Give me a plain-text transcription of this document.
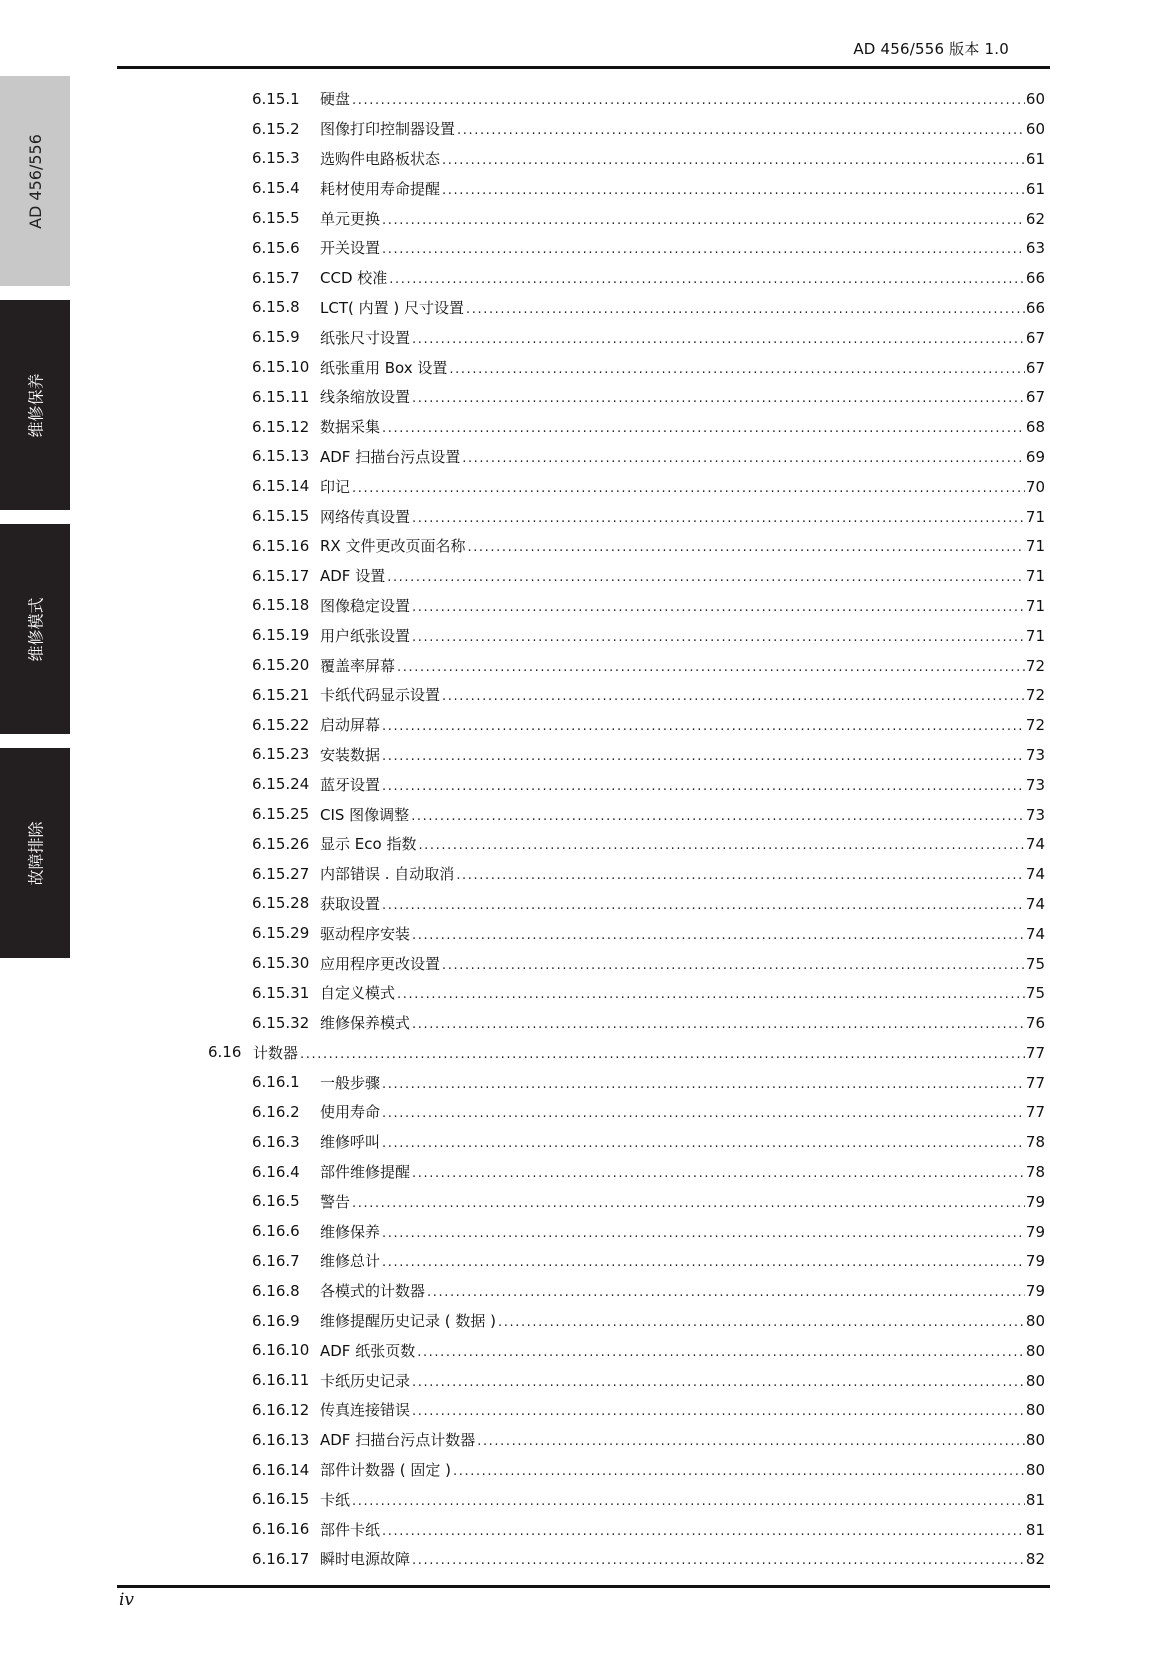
AD 456/556 版本 1.0
AD 456/556
维修保养
维修模式
故障排除
6.15.1 硬盘 .....	60
6.15.2 图像打印控制器设置 .....	60
6.15.3 选购件电路板状态 .....	61
6.15.4 耗材使用寿命提醒 .....	61
6.15.5 单元更换 .....	62
6.15.6 开关设置 .....	63
6.15.7 CCD 校准 .....	66
6.15.8 LCT( 内置 ) 尺寸设置 .....	66
6.15.9 纸张尺寸设置 .....	67
6.15.10 纸张重用 Box 设置 .....	67
6.15.11 线条缩放设置 .....	67
6.15.12 数据采集 .....	68
6.15.13 ADF 扫描台污点设置 .....	69
6.15.14 印记 .....	70
6.15.15 网络传真设置 .....	71
6.15.16 RX 文件更改页面名称 .....	71
6.15.17 ADF 设置 .....	71
6.15.18 图像稳定设置 .....	71
6.15.19 用户纸张设置 .....	71
6.15.20 覆盖率屏幕 .....	72
6.15.21 卡纸代码显示设置 .....	72
6.15.22 启动屏幕 .....	72
6.15.23 安装数据 .....	73
6.15.24 蓝牙设置 .....	73
6.15.25 CIS 图像调整 .....	73
6.15.26 显示 Eco 指数 .....	74
6.15.27 内部错误 . 自动取消 .....	74
6.15.28 获取设置 .....	74
6.15.29 驱动程序安装 .....	74
6.15.30 应用程序更改设置 .....	75
6.15.31 自定义模式 .....	75
6.15.32 维修保养模式 .....	76
6.16 计数器 .....	77
6.16.1 一般步骤 .....	77
6.16.2 使用寿命 .....	77
6.16.3 维修呼叫 .....	78
6.16.4 部件维修提醒 .....	78
6.16.5 警告 .....	79
6.16.6 维修保养 .....	79
6.16.7 维修总计 .....	79
6.16.8 各模式的计数器 .....	79
6.16.9 维修提醒历史记录 ( 数据 ) .....	80
6.16.10 ADF 纸张页数 .....	80
6.16.11 卡纸历史记录 .....	80
6.16.12 传真连接错误 .....	80
6.16.13 ADF 扫描台污点计数器 .....	80
6.16.14 部件计数器 ( 固定 ) .....	80
6.16.15 卡纸 .....	81
6.16.16 部件卡纸 .....	81
6.16.17 瞬时电源故障 .....	82
iv
